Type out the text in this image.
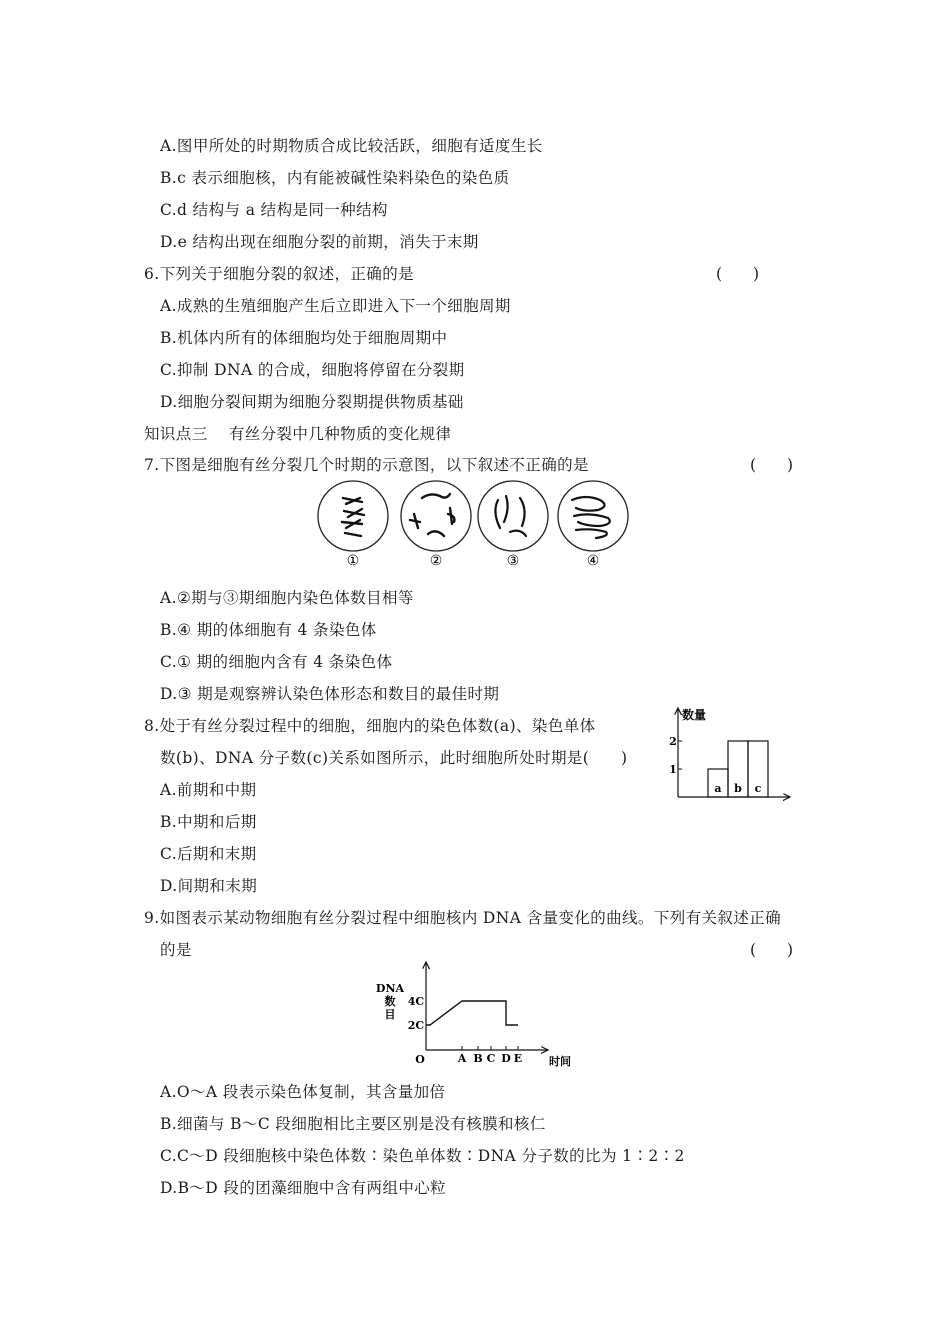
A.图甲所处的时期物质合成比较活跃，细胞有适度生长
B.c 表示细胞核，内有能被碱性染料染色的染色质
C.d 结构与 a 结构是同一种结构
D.e 结构出现在细胞分裂的前期，消失于末期
6.下列关于细胞分裂的叙述，正确的是	(　　)
A.成熟的生殖细胞产生后立即进入下一个细胞周期
B.机体内所有的体细胞均处于细胞周期中
C.抑制 DNA 的合成，细胞将停留在分裂期
D.细胞分裂间期为细胞分裂期提供物质基础
知识点三　 有丝分裂中几种物质的变化规律
7.下图是细胞有丝分裂几个时期的示意图，以下叙述不正确的是	(　　)
①	②	③	④
A.②期与③期细胞内染色体数目相等
B.④ 期的体细胞有 4 条染色体
C.① 期的细胞内含有 4 条染色体
D.③ 期是观察辨认染色体形态和数目的最佳时期
8.处于有丝分裂过程中的细胞，细胞内的染色体数(a)、染色单体
数(b)、DNA 分子数(c)关系如图所示，此时细胞所处时期是(　　)
A.前期和中期
B.中期和后期
C.后期和末期
D.间期和末期
数量
1
2
a b c
9.如图表示某动物细胞有丝分裂过程中细胞核内 DNA 含量变化的曲线。下列有关叙述正确
的是	(　　)
DNA
数
目
O	时间
2C
4C
A B C D E
A.O～A 段表示染色体复制，其含量加倍
B.细菌与 B～C 段细胞相比主要区别是没有核膜和核仁
C.C～D 段细胞核中染色体数∶染色单体数∶DNA 分子数的比为 1∶2∶2
D.B～D 段的团藻细胞中含有两组中心粒
